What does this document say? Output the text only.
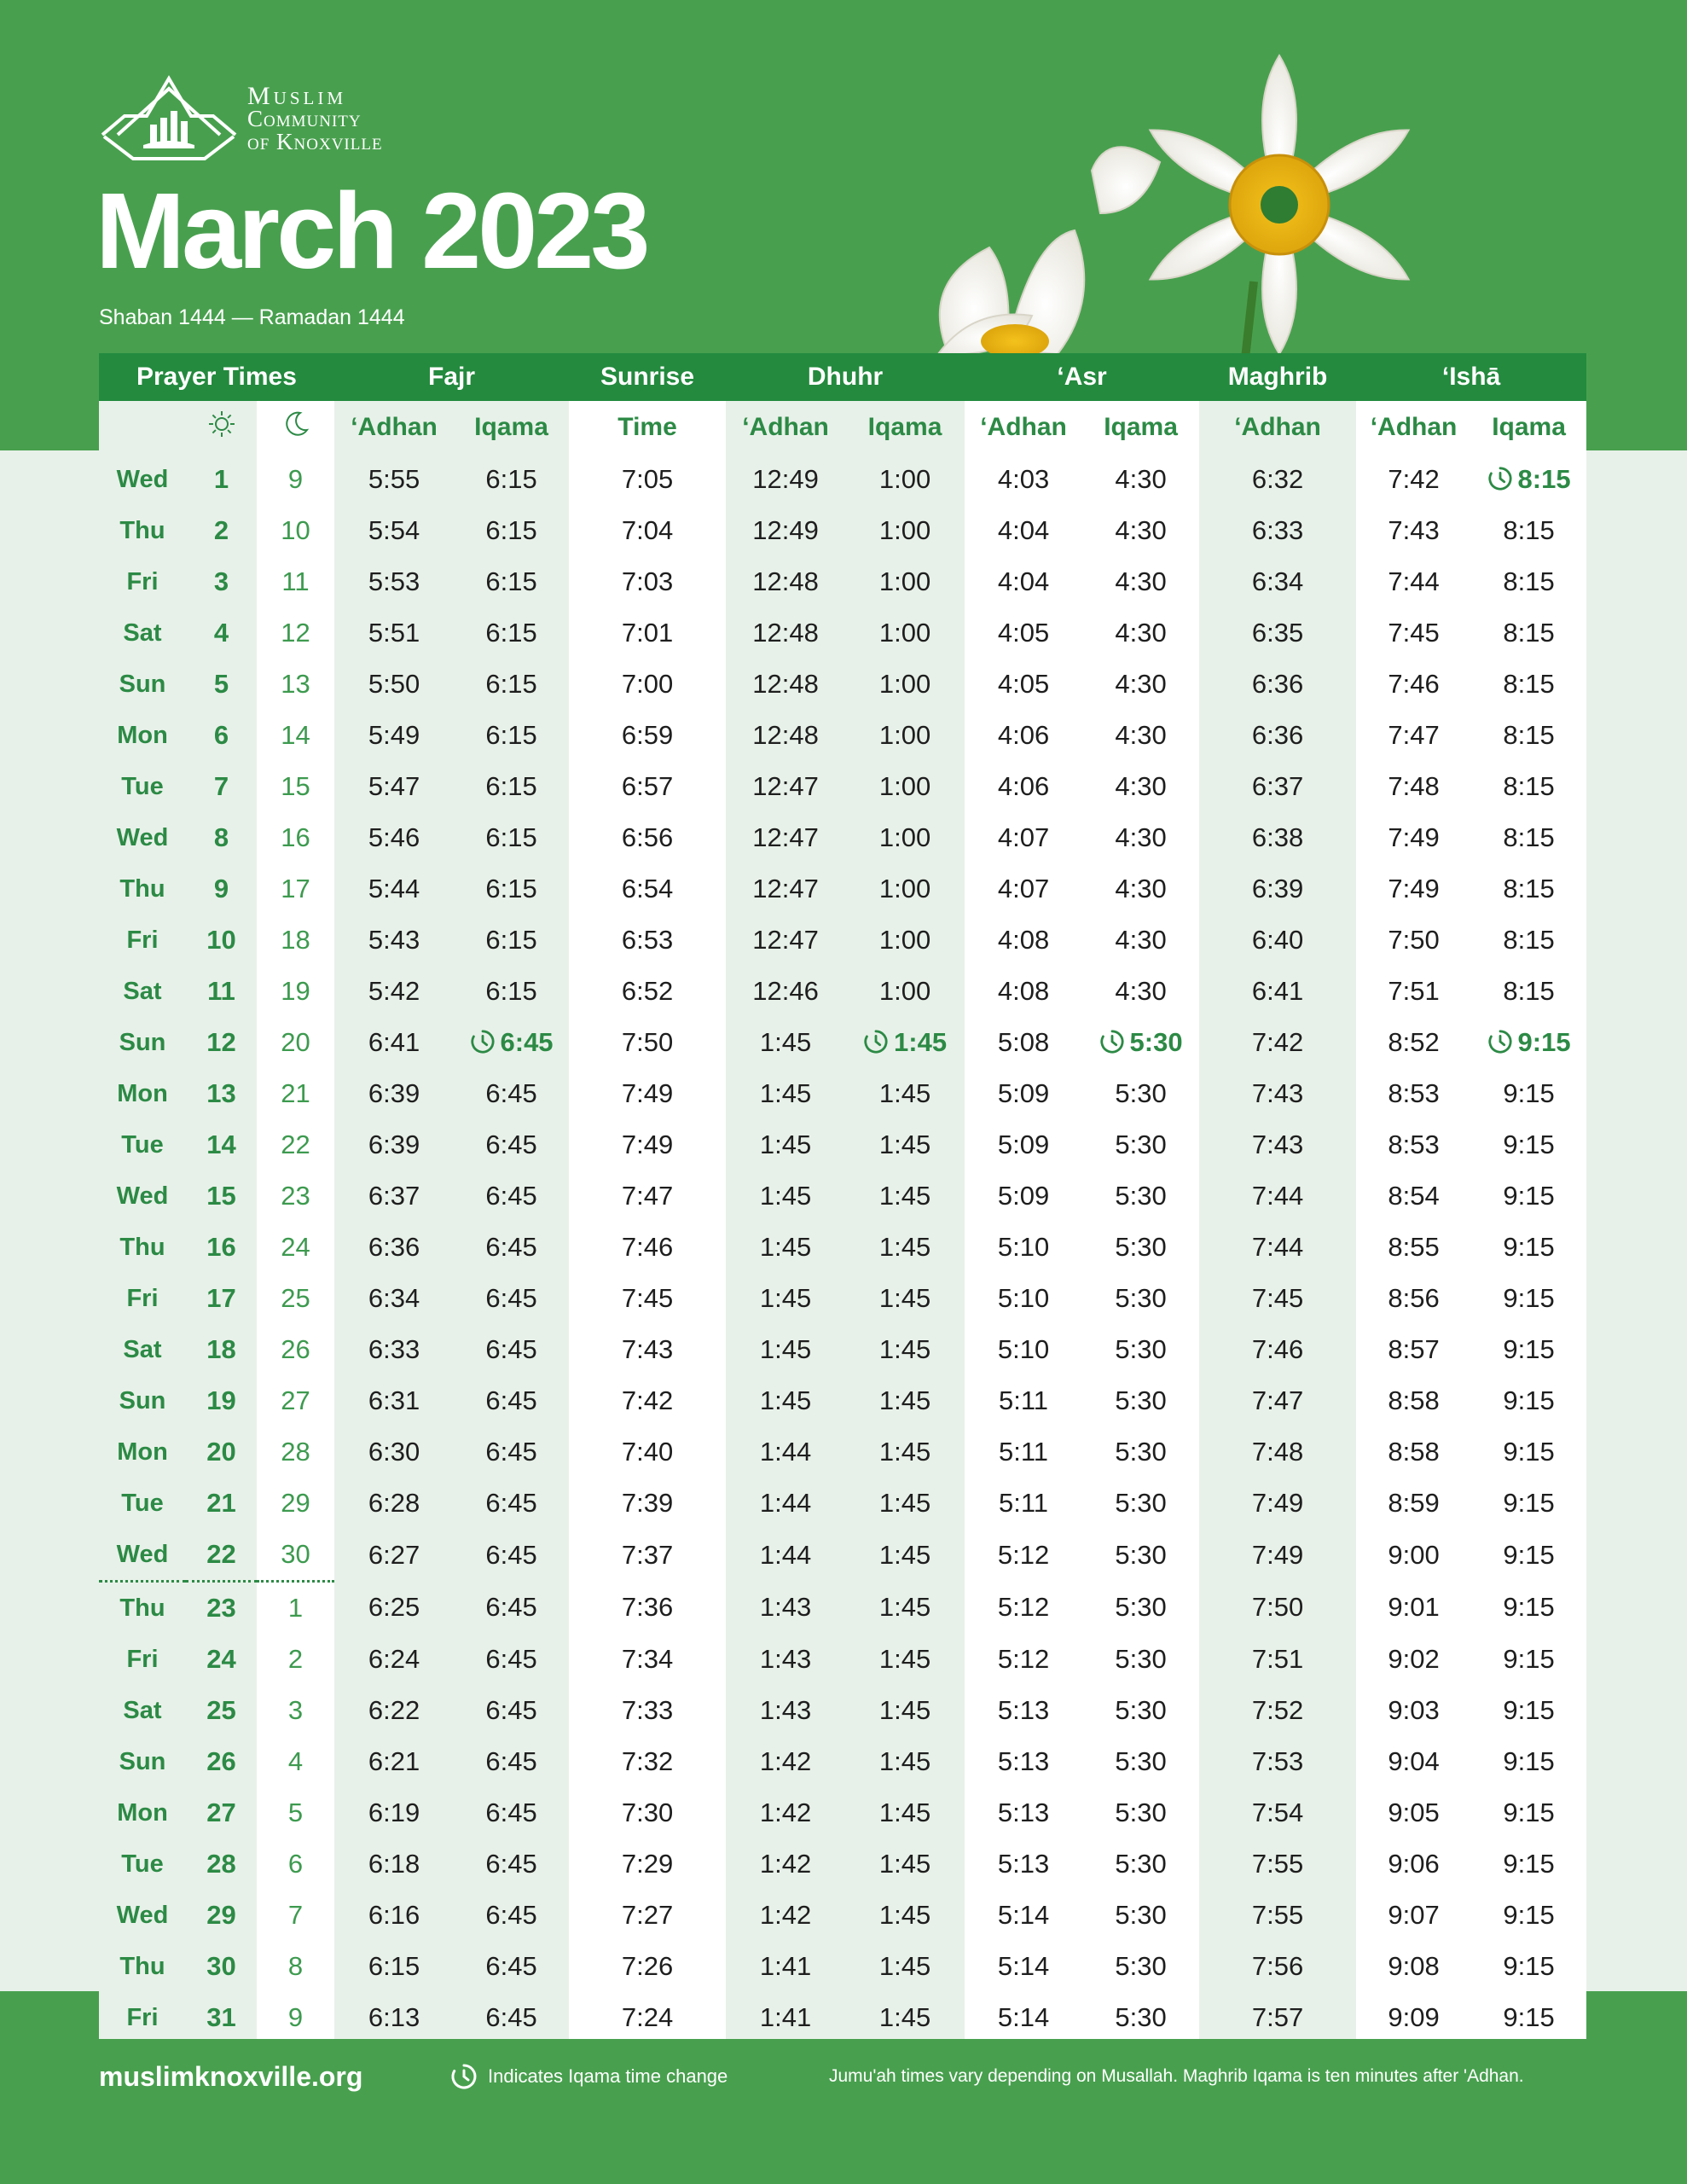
Muslim
Community
of Knoxville
March 2023
Shaban 1444 — Ramadan 1444
Prayer Times			Fajr		Sunrise	Dhuhr		‘Asr		Maghrib	‘Ishā	
			‘Adhan	Iqama	Time	‘Adhan	Iqama	‘Adhan	Iqama	‘Adhan	‘Adhan	Iqama
Wed	1	9	5:55	6:15	7:05	12:49	1:00	4:03	4:30	6:32	7:42	8:15
Thu	2	10	5:54	6:15	7:04	12:49	1:00	4:04	4:30	6:33	7:43	8:15
Fri	3	11	5:53	6:15	7:03	12:48	1:00	4:04	4:30	6:34	7:44	8:15
Sat	4	12	5:51	6:15	7:01	12:48	1:00	4:05	4:30	6:35	7:45	8:15
Sun	5	13	5:50	6:15	7:00	12:48	1:00	4:05	4:30	6:36	7:46	8:15
Mon	6	14	5:49	6:15	6:59	12:48	1:00	4:06	4:30	6:36	7:47	8:15
Tue	7	15	5:47	6:15	6:57	12:47	1:00	4:06	4:30	6:37	7:48	8:15
Wed	8	16	5:46	6:15	6:56	12:47	1:00	4:07	4:30	6:38	7:49	8:15
Thu	9	17	5:44	6:15	6:54	12:47	1:00	4:07	4:30	6:39	7:49	8:15
Fri	10	18	5:43	6:15	6:53	12:47	1:00	4:08	4:30	6:40	7:50	8:15
Sat	11	19	5:42	6:15	6:52	12:46	1:00	4:08	4:30	6:41	7:51	8:15
Sun	12	20	6:41	6:45	7:50	1:45	1:45	5:08	5:30	7:42	8:52	9:15
Mon	13	21	6:39	6:45	7:49	1:45	1:45	5:09	5:30	7:43	8:53	9:15
Tue	14	22	6:39	6:45	7:49	1:45	1:45	5:09	5:30	7:43	8:53	9:15
Wed	15	23	6:37	6:45	7:47	1:45	1:45	5:09	5:30	7:44	8:54	9:15
Thu	16	24	6:36	6:45	7:46	1:45	1:45	5:10	5:30	7:44	8:55	9:15
Fri	17	25	6:34	6:45	7:45	1:45	1:45	5:10	5:30	7:45	8:56	9:15
Sat	18	26	6:33	6:45	7:43	1:45	1:45	5:10	5:30	7:46	8:57	9:15
Sun	19	27	6:31	6:45	7:42	1:45	1:45	5:11	5:30	7:47	8:58	9:15
Mon	20	28	6:30	6:45	7:40	1:44	1:45	5:11	5:30	7:48	8:58	9:15
Tue	21	29	6:28	6:45	7:39	1:44	1:45	5:11	5:30	7:49	8:59	9:15
Wed	22	30	6:27	6:45	7:37	1:44	1:45	5:12	5:30	7:49	9:00	9:15
Thu	23	1	6:25	6:45	7:36	1:43	1:45	5:12	5:30	7:50	9:01	9:15
Fri	24	2	6:24	6:45	7:34	1:43	1:45	5:12	5:30	7:51	9:02	9:15
Sat	25	3	6:22	6:45	7:33	1:43	1:45	5:13	5:30	7:52	9:03	9:15
Sun	26	4	6:21	6:45	7:32	1:42	1:45	5:13	5:30	7:53	9:04	9:15
Mon	27	5	6:19	6:45	7:30	1:42	1:45	5:13	5:30	7:54	9:05	9:15
Tue	28	6	6:18	6:45	7:29	1:42	1:45	5:13	5:30	7:55	9:06	9:15
Wed	29	7	6:16	6:45	7:27	1:42	1:45	5:14	5:30	7:55	9:07	9:15
Thu	30	8	6:15	6:45	7:26	1:41	1:45	5:14	5:30	7:56	9:08	9:15
Fri	31	9	6:13	6:45	7:24	1:41	1:45	5:14	5:30	7:57	9:09	9:15
muslimknoxville.org	Indicates Iqama time change	Jumu'ah times vary depending on Musallah. Maghrib Iqama is ten minutes after 'Adhan.
